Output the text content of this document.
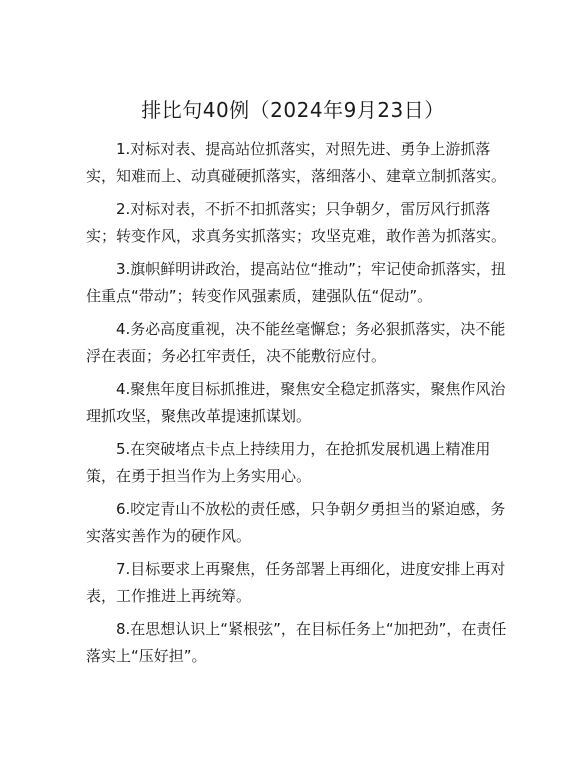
排比句40例（2024年9月23日）

1.对标对表、提高站位抓落实，对照先进、勇争上游抓落实，知难而上、动真碰硬抓落实，落细落小、建章立制抓落实。

2.对标对表，不折不扣抓落实；只争朝夕，雷厉风行抓落实；转变作风，求真务实抓落实；攻坚克难，敢作善为抓落实。

3.旗帜鲜明讲政治，提高站位“推动”；牢记使命抓落实，扭住重点“带动”；转变作风强素质，建强队伍“促动”。

4.务必高度重视，决不能丝毫懈怠；务必狠抓落实，决不能浮在表面；务必扛牢责任，决不能敷衍应付。

4.聚焦年度目标抓推进，聚焦安全稳定抓落实，聚焦作风治理抓攻坚，聚焦改革提速抓谋划。

5.在突破堵点卡点上持续用力，在抢抓发展机遇上精准用策，在勇于担当作为上务实用心。

6.咬定青山不放松的责任感，只争朝夕勇担当的紧迫感，务实落实善作为的硬作风。

7.目标要求上再聚焦，任务部署上再细化，进度安排上再对表，工作推进上再统筹。

8.在思想认识上“紧根弦”，在目标任务上“加把劲”，在责任落实上“压好担”。
